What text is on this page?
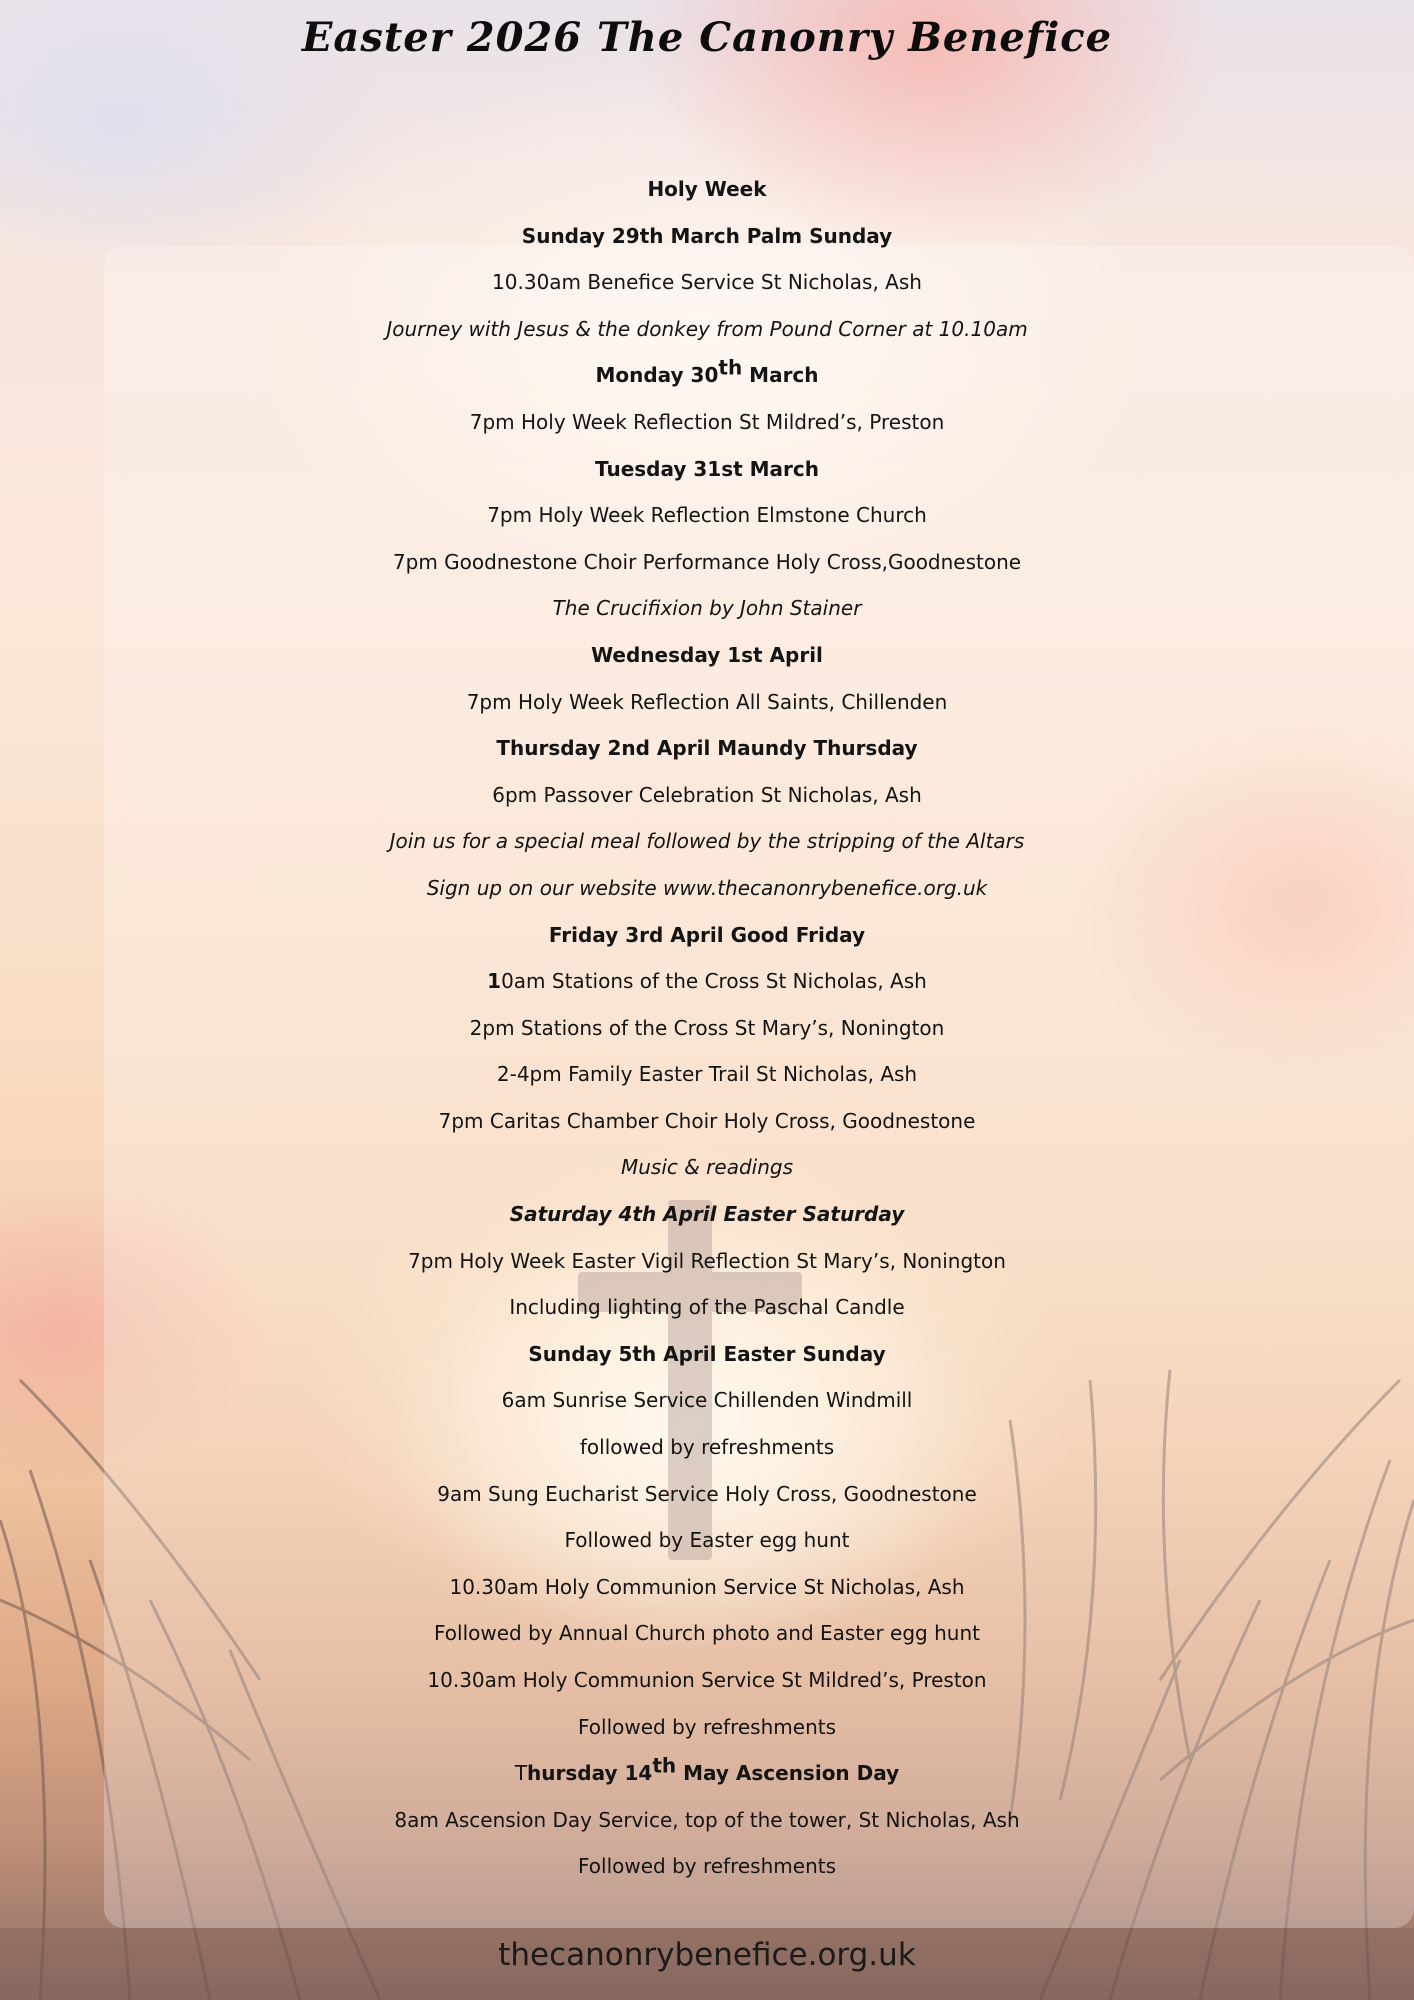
Easter 2026 The Canonry Benefice
Holy Week
Sunday 29th March Palm Sunday
10.30am Benefice Service St Nicholas, Ash
Journey with Jesus & the donkey from Pound Corner at 10.10am
Monday 30th March
7pm Holy Week Reflection St Mildred’s, Preston
Tuesday 31st March
7pm Holy Week Reflection Elmstone Church
7pm Goodnestone Choir Performance Holy Cross,Goodnestone
The Crucifixion by John Stainer
Wednesday 1st April
7pm Holy Week Reflection All Saints, Chillenden
Thursday 2nd April Maundy Thursday
6pm Passover Celebration St Nicholas, Ash
Join us for a special meal followed by the stripping of the Altars
Sign up on our website www.thecanonrybenefice.org.uk
Friday 3rd April Good Friday
10am Stations of the Cross St Nicholas, Ash
2pm Stations of the Cross St Mary’s, Nonington
2-4pm Family Easter Trail St Nicholas, Ash
7pm Caritas Chamber Choir Holy Cross, Goodnestone
Music & readings
Saturday 4th April Easter Saturday
7pm Holy Week Easter Vigil Reflection St Mary’s, Nonington
Including lighting of the Paschal Candle
Sunday 5th April Easter Sunday
6am Sunrise Service Chillenden Windmill
followed by refreshments
9am Sung Eucharist Service Holy Cross, Goodnestone
Followed by Easter egg hunt
10.30am Holy Communion Service St Nicholas, Ash
Followed by Annual Church photo and Easter egg hunt
10.30am Holy Communion Service St Mildred’s, Preston
Followed by refreshments
Thursday 14th May Ascension Day
8am Ascension Day Service, top of the tower, St Nicholas, Ash
Followed by refreshments
thecanonrybenefice.org.uk
